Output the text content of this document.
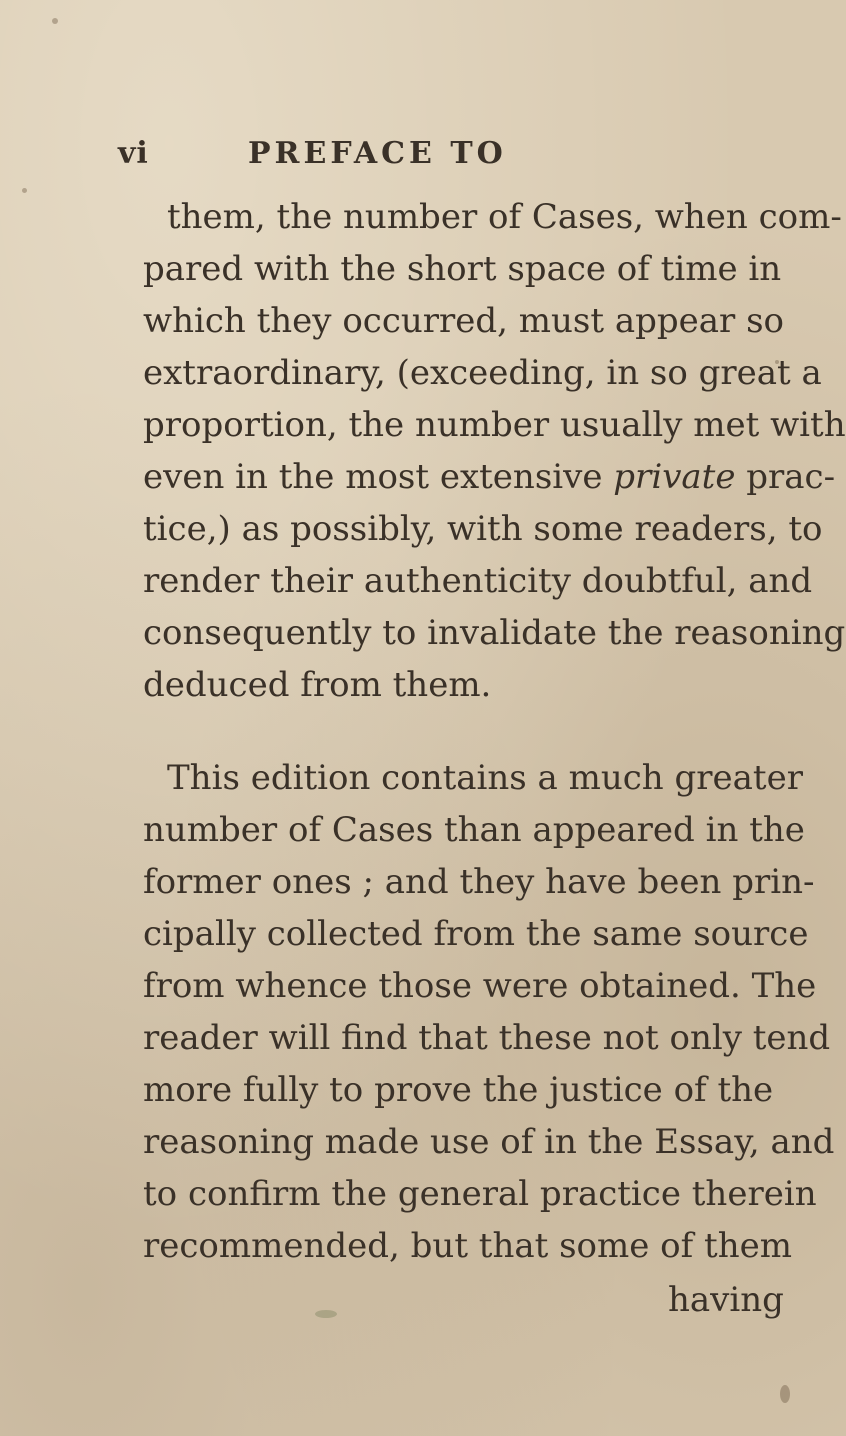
vi	PREFACE TO
them, the number of Cases, when com-
pared with the short space of time in
which they occurred, must appear so
extraordinary, (exceeding, in so great a
proportion, the number usually met with
even in the most extensive private prac-
tice,) as possibly, with some readers, to
render their authenticity doubtful, and
consequently to invalidate the reasoning
deduced from them.
This edition contains a much greater
number of Cases than appeared in the
former ones ; and they have been prin-
cipally collected from the same source
from whence those were obtained. The
reader will find that these not only tend
more fully to prove the justice of the
reasoning made use of in the Essay, and
to confirm the general practice therein
recommended, but that some of them
having
